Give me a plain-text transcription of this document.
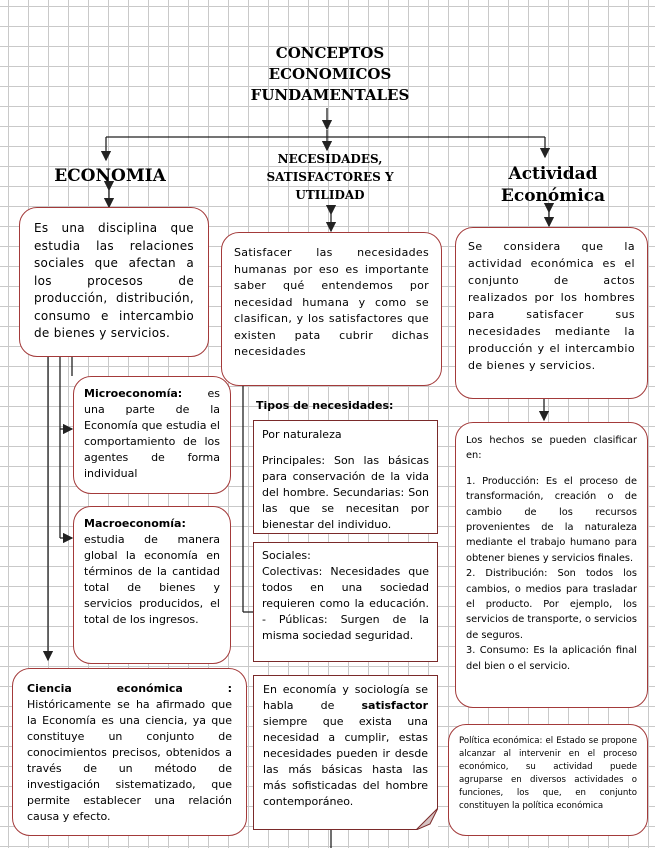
CONCEPTOS
ECONOMICOS
FUNDAMENTALES
ECONOMIA
NECESIDADES,
SATISFACTORES Y
UTILIDAD
Actividad
Económica

Es una disciplina que estudia las relaciones sociales que afectan a los procesos de producción, distribución, consumo e intercambio de bienes y servicios.

Microeconomía: es una parte de la Economía que estudia el comportamiento de los agentes de forma individual

Macroeconomía:
estudia de manera global la economía en términos de la cantidad total de bienes y servicios producidos, el total de los ingresos.

Ciencia económica :

Históricamente se ha afirmado que la Economía es una ciencia, ya que constituye un conjunto de conocimientos precisos, obtenidos a través de un método de investigación sistematizado, que permite establecer una relación causa y efecto.

Satisfacer las necesidades humanas por eso es importante saber qué entendemos por necesidad humana y como se clasifican, y los satisfactores que existen pata cubrir dichas necesidades

Tipos de necesidades:

Por naturaleza

Principales: Son las básicas para conservación de la vida del hombre. Secundarias: Son las que se necesitan por bienestar del individuo.

Sociales:

Colectivas: Necesidades que todos en una sociedad requieren como la educación. - Públicas: Surgen de la misma sociedad seguridad.

En economía y sociología se habla de satisfactor siempre que exista una necesidad a cumplir, estas necesidades pueden ir desde las más básicas hasta las más sofisticadas del hombre contemporáneo.

Se considera que la actividad económica es el conjunto de actos realizados por los hombres para satisfacer sus necesidades mediante la producción y el intercambio de bienes y servicios.

Los hechos se pueden clasificar en:

1. Producción: Es el proceso de transformación, creación o de cambio de los recursos provenientes de la naturaleza mediante el trabajo humano para obtener bienes y servicios finales.

2. Distribución: Son todos los cambios, o medios para trasladar el producto. Por ejemplo, los servicios de transporte, o servicios de seguros.

3. Consumo: Es la aplicación final del bien o el servicio.

Política económica: el Estado se propone alcanzar al intervenir en el proceso económico, su actividad puede agruparse en diversos actividades o funciones, los que, en conjunto constituyen la política económica
